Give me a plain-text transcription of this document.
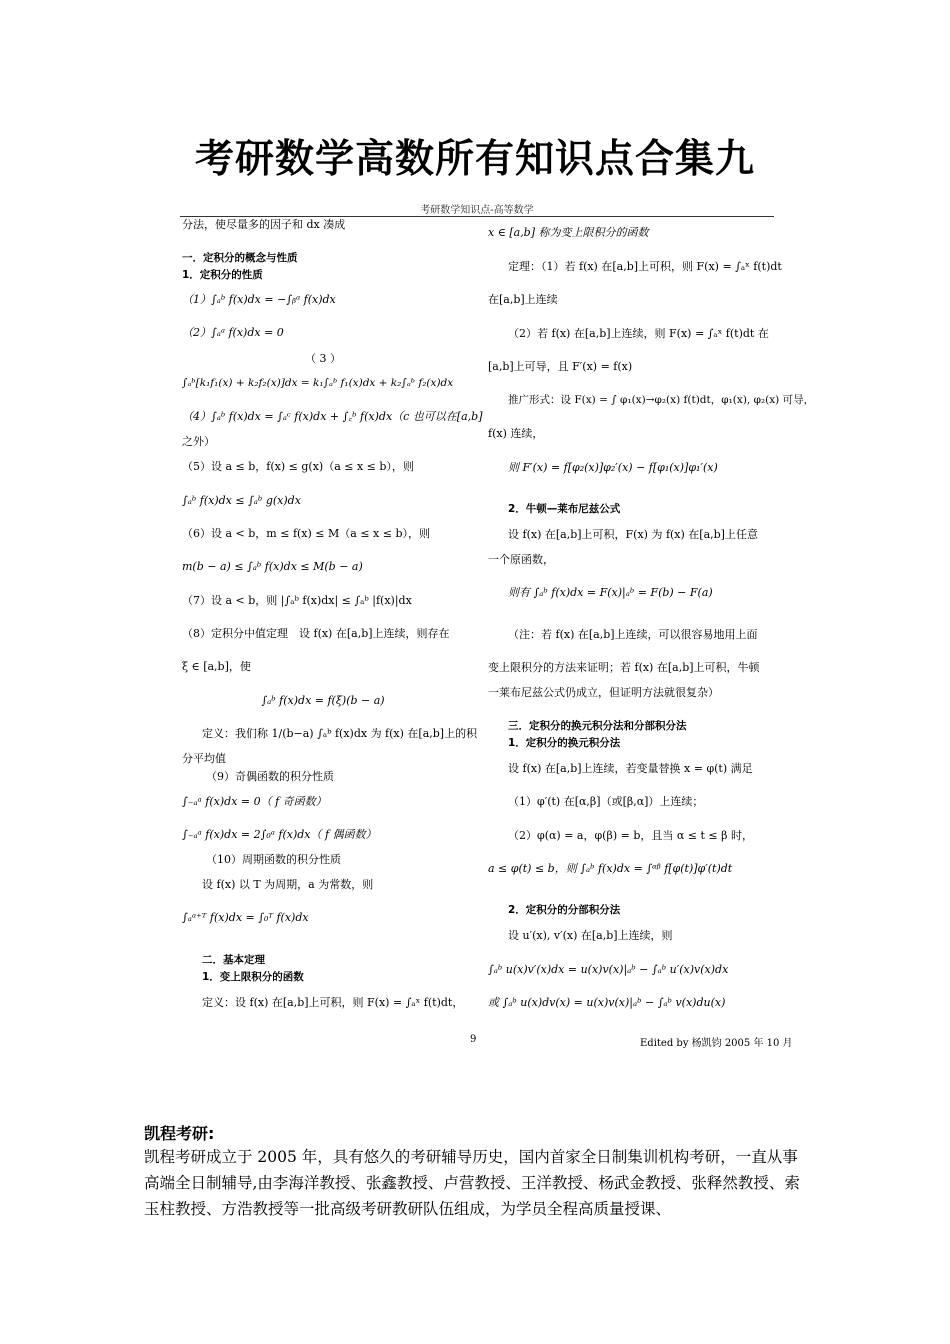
考研数学高数所有知识点合集九
考研数学知识点-高等数学
分法，使尽量多的因子和 dx 凑成
一．定积分的概念与性质
1．定积分的性质
（1）∫ₐᵇ f(x)dx = −∫ᵦᵃ f(x)dx
（2）∫ₐᵃ f(x)dx = 0
（ 3 ）
∫ₐᵇ[k₁f₁(x) + k₂f₂(x)]dx = k₁∫ₐᵇ f₁(x)dx + k₂∫ₐᵇ f₂(x)dx
（4）∫ₐᵇ f(x)dx = ∫ₐᶜ f(x)dx + ∫꜀ᵇ f(x)dx（c 也可以在[a,b]
之外）
（5）设 a ≤ b，f(x) ≤ g(x)（a ≤ x ≤ b），则
∫ₐᵇ f(x)dx ≤ ∫ₐᵇ g(x)dx
（6）设 a < b，m ≤ f(x) ≤ M（a ≤ x ≤ b），则
m(b − a) ≤ ∫ₐᵇ f(x)dx ≤ M(b − a)
（7）设 a < b，则 |∫ₐᵇ f(x)dx| ≤ ∫ₐᵇ |f(x)|dx
（8）定积分中值定理　设 f(x) 在[a,b]上连续，则存在
ξ ∈ [a,b]，使
∫ₐᵇ f(x)dx = f(ξ)(b − a)
定义：我们称 1/(b−a) ∫ₐᵇ f(x)dx 为 f(x) 在[a,b]上的积
分平均值
（9）奇偶函数的积分性质
∫₋ₐᵃ f(x)dx = 0（ f 奇函数）
∫₋ₐᵃ f(x)dx = 2∫₀ᵃ f(x)dx（ f 偶函数）
（10）周期函数的积分性质
设 f(x) 以 T 为周期，a 为常数，则
∫ₐᵃ⁺ᵀ f(x)dx = ∫₀ᵀ f(x)dx
二．基本定理
1．变上限积分的函数
定义：设 f(x) 在[a,b]上可积，则 F(x) = ∫ₐˣ f(t)dt，
x ∈ [a,b] 称为变上限积分的函数
定理：（1）若 f(x) 在[a,b]上可积，则 F(x) = ∫ₐˣ f(t)dt
在[a,b]上连续
（2）若 f(x) 在[a,b]上连续，则 F(x) = ∫ₐˣ f(t)dt 在
[a,b]上可导，且 F′(x) = f(x)
推广形式：设 F(x) = ∫ φ₁(x)→φ₂(x) f(t)dt，φ₁(x), φ₂(x) 可导，
f(x) 连续，
则 F′(x) = f[φ₂(x)]φ₂′(x) − f[φ₁(x)]φ₁′(x)
2．牛顿—莱布尼兹公式
设 f(x) 在[a,b]上可积，F(x) 为 f(x) 在[a,b]上任意
一个原函数，
则有 ∫ₐᵇ f(x)dx = F(x)|ₐᵇ = F(b) − F(a)
（注：若 f(x) 在[a,b]上连续，可以很容易地用上面
变上限积分的方法来证明；若 f(x) 在[a,b]上可积，牛顿
一莱布尼兹公式仍成立，但证明方法就很复杂）
三．定积分的换元积分法和分部积分法
1．定积分的换元积分法
设 f(x) 在[a,b]上连续，若变量替换 x = φ(t) 满足
（1）φ′(t) 在[α,β]（或[β,α]）上连续；
（2）φ(α) = a，φ(β) = b，且当 α ≤ t ≤ β 时，
a ≤ φ(t) ≤ b，则 ∫ₐᵇ f(x)dx = ∫ᵅᵝ f[φ(t)]φ′(t)dt
2．定积分的分部积分法
设 u′(x), v′(x) 在[a,b]上连续，则
∫ₐᵇ u(x)v′(x)dx = u(x)v(x)|ₐᵇ − ∫ₐᵇ u′(x)v(x)dx
或 ∫ₐᵇ u(x)dv(x) = u(x)v(x)|ₐᵇ − ∫ₐᵇ v(x)du(x)
9	Edited by 杨凯钧 2005 年 10 月
凯程考研:
凯程考研成立于 2005 年，具有悠久的考研辅导历史，国内首家全日制集训机构考研，一直从事高端全日制辅导,由李海洋教授、张鑫教授、卢营教授、王洋教授、杨武金教授、张释然教授、索玉柱教授、方浩教授等一批高级考研教研队伍组成，为学员全程高质量授课、
